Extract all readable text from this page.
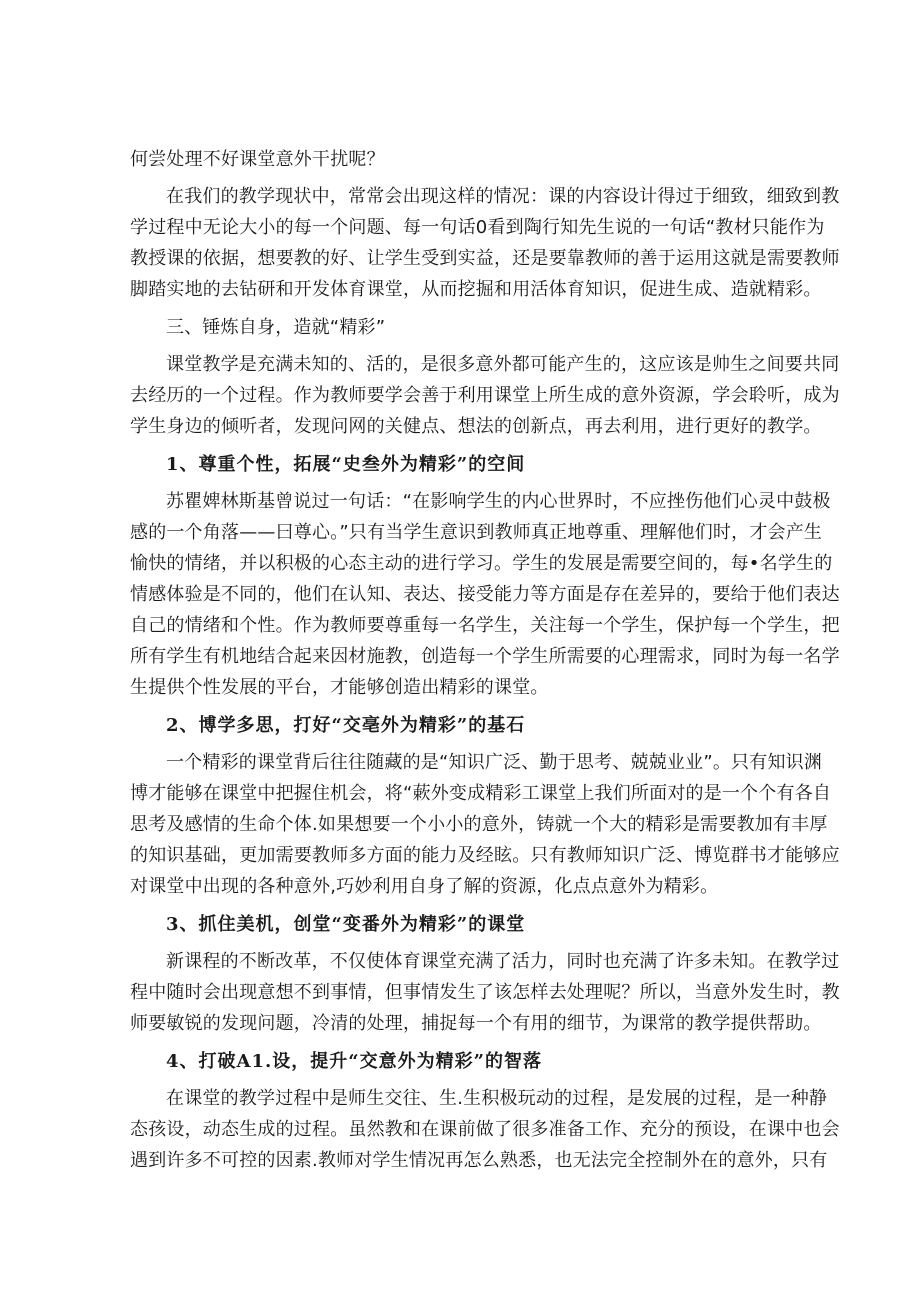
何尝处理不好课堂意外干扰呢？
在我们的教学现状中，常常会出现这样的情况：课的内容设计得过于细致，细致到教
学过程中无论大小的每一个问题、每一句话0看到陶行知先生说的一句话“教材只能作为
教授课的依据，想要教的好、让学生受到实益，还是要靠教师的善于运用这就是需要教师
脚踏实地的去钻研和开发体育课堂，从而挖掘和用活体育知识，促进生成、造就精彩。
三、锤炼自身，造就“精彩”
课堂教学是充满未知的、活的，是很多意外都可能产生的，这应该是帅生之间要共同
去经历的一个过程。作为教师要学会善于利用课堂上所生成的意外资源，学会聆听，成为
学生身边的倾听者，发现问网的关健点、想法的创新点，再去利用，进行更好的教学。
1、尊重个性，拓展“史叁外为精彩”的空间
苏瞿婢林斯基曾说过一句话：“在影响学生的内心世界时，不应挫伤他们心灵中鼓极
感的一个角落——曰尊心。”只有当学生意识到教师真正地尊重、理解他们时，才会产生
愉快的情绪，并以积极的心态主动的进行学习。学生的发展是需要空间的，每•名学生的
情感体验是不同的，他们在认知、表达、接受能力等方面是存在差异的，要给于他们表达
自己的情绪和个性。作为教师要尊重每一名学生，关注每一个学生，保护每一个学生，把
所有学生有机地结合起来因材施教，创造每一个学生所需要的心理需求，同时为每一名学
生提供个性发展的平台，才能够创造出精彩的课堂。
2、博学多思，打好“交亳外为精彩”的基石
一个精彩的课堂背后往往随藏的是“知识广泛、勤于思考、兢兢业业”。只有知识渊
博才能够在课堂中把握住机会，将“蔌外变成精彩工课堂上我们所面对的是一个个有各自
思考及感情的生命个体.如果想要一个小小的意外，铸就一个大的精彩是需要教加有丰厚
的知识基础，更加需要教师多方面的能力及经眩。只有教师知识广泛、博览群书才能够应
对课堂中出现的各种意外,巧妙利用自身了解的资源，化点点意外为精彩。
3、抓住美机，创堂“变番外为精彩”的课堂
新课程的不断改革，不仅使体育课堂充满了活力，同时也充满了许多未知。在教学过
程中随时会出现意想不到事情，但事情发生了该怎样去处理呢？所以，当意外发生时，教
师要敏锐的发现问题，冷清的处理，捕捉每一个有用的细节，为课常的教学提供帮助。
4、打破A1.设，提升“交意外为精彩”的智落
在课堂的教学过程中是师生交往、生.生积极玩动的过程，是发展的过程，是一种静
态孩设，动态生成的过程。虽然教和在课前做了很多准备工作、充分的预设，在课中也会
遇到许多不可控的因素.教师对学生情况再怎么熟悉，也无法完全控制外在的意外，只有
